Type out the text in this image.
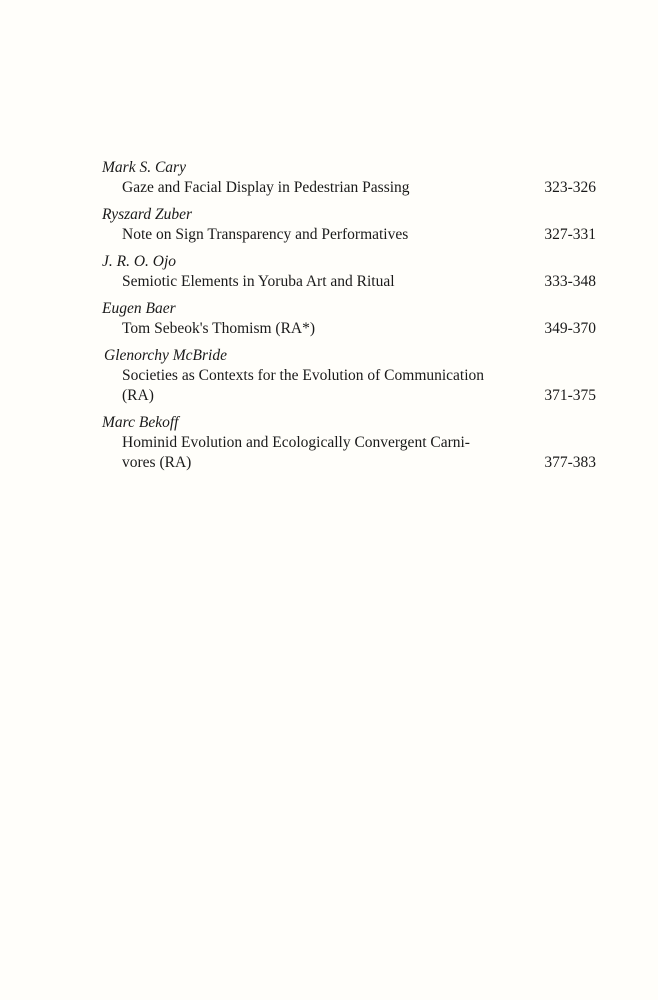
Mark S. Cary
Gaze and Facial Display in Pedestrian Passing	323-326
Ryszard Zuber
Note on Sign Transparency and Performatives	327-331
J. R. O. Ojo
Semiotic Elements in Yoruba Art and Ritual	333-348
Eugen Baer
Tom Sebeok's Thomism (RA*)	349-370
Glenorchy McBride
Societies as Contexts for the Evolution of Communication
(RA)	371-375
Marc Bekoff
Hominid Evolution and Ecologically Convergent Carni-
vores (RA)	377-383
